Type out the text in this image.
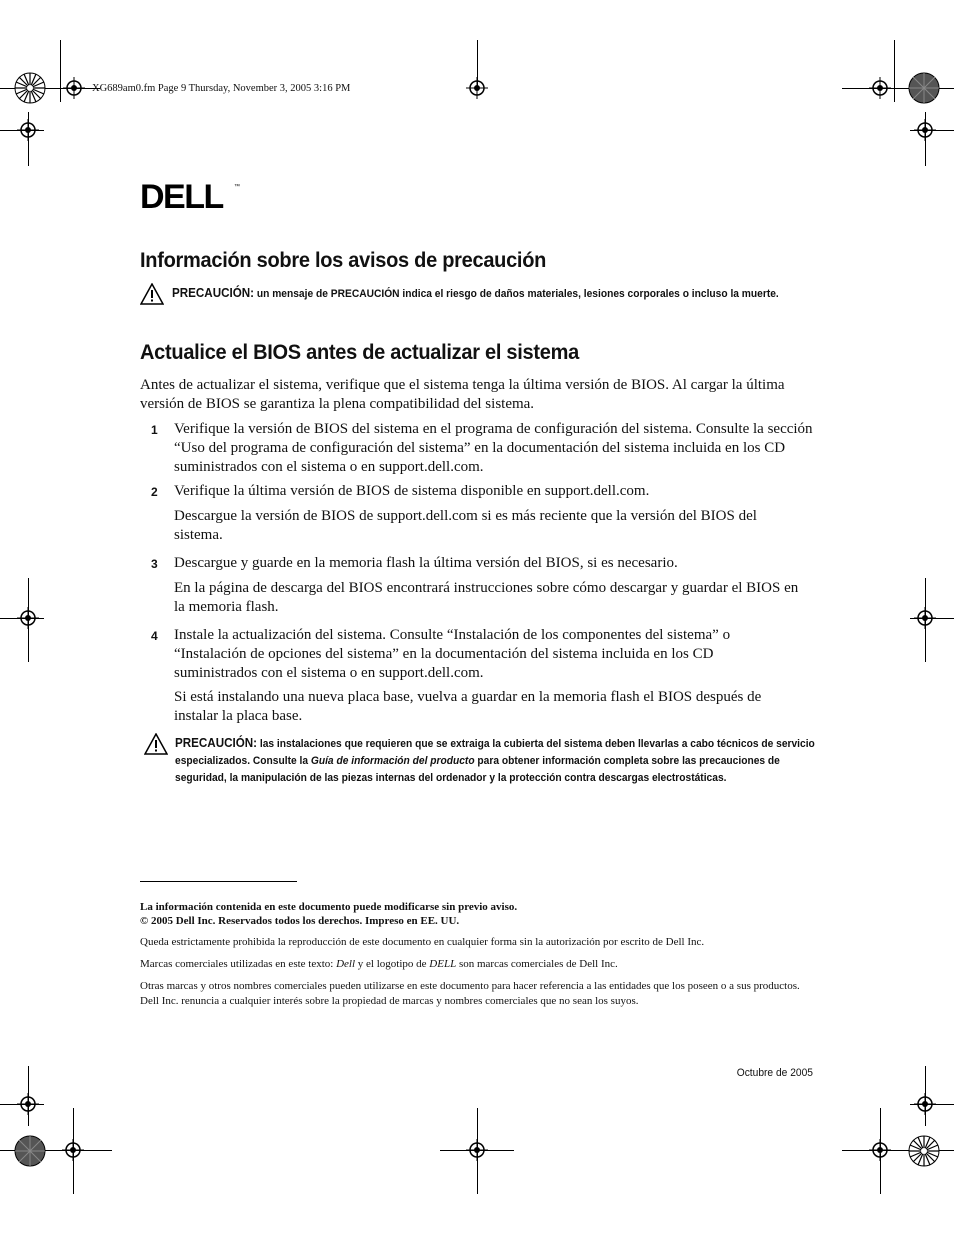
XG689am0.fm Page 9 Thursday, November 3, 2005 3:16 PM
DELL ™
Información sobre los avisos de precaución
PRECAUCIÓN: un mensaje de PRECAUCIÓN indica el riesgo de daños materiales, lesiones corporales o incluso la muerte.
Actualice el BIOS antes de actualizar el sistema
Antes de actualizar el sistema, verifique que el sistema tenga la última versión de BIOS. Al cargar la última versión de BIOS se garantiza la plena compatibilidad del sistema.
1 Verifique la versión de BIOS del sistema en el programa de configuración del sistema. Consulte la sección “Uso del programa de configuración del sistema” en la documentación del sistema incluida en los CD suministrados con el sistema o en support.dell.com.
2 Verifique la última versión de BIOS de sistema disponible en support.dell.com.
Descargue la versión de BIOS de support.dell.com si es más reciente que la versión del BIOS del sistema.
3 Descargue y guarde en la memoria flash la última versión del BIOS, si es necesario.
En la página de descarga del BIOS encontrará instrucciones sobre cómo descargar y guardar el BIOS en la memoria flash.
4 Instale la actualización del sistema. Consulte “Instalación de los componentes del sistema” o “Instalación de opciones del sistema” en la documentación del sistema incluida en los CD suministrados con el sistema o en support.dell.com.
Si está instalando una nueva placa base, vuelva a guardar en la memoria flash el BIOS después de instalar la placa base.
PRECAUCIÓN: las instalaciones que requieren que se extraiga la cubierta del sistema deben llevarlas a cabo técnicos de servicio especializados. Consulte la Guía de información del producto para obtener información completa sobre las precauciones de seguridad, la manipulación de las piezas internas del ordenador y la protección contra descargas electrostáticas.
La información contenida en este documento puede modificarse sin previo aviso.
© 2005 Dell Inc. Reservados todos los derechos. Impreso en EE. UU.
Queda estrictamente prohibida la reproducción de este documento en cualquier forma sin la autorización por escrito de Dell Inc.
Marcas comerciales utilizadas en este texto: Dell y el logotipo de DELL son marcas comerciales de Dell Inc.
Otras marcas y otros nombres comerciales pueden utilizarse en este documento para hacer referencia a las entidades que los poseen o a sus productos. Dell Inc. renuncia a cualquier interés sobre la propiedad de marcas y nombres comerciales que no sean los suyos.
Octubre de 2005
